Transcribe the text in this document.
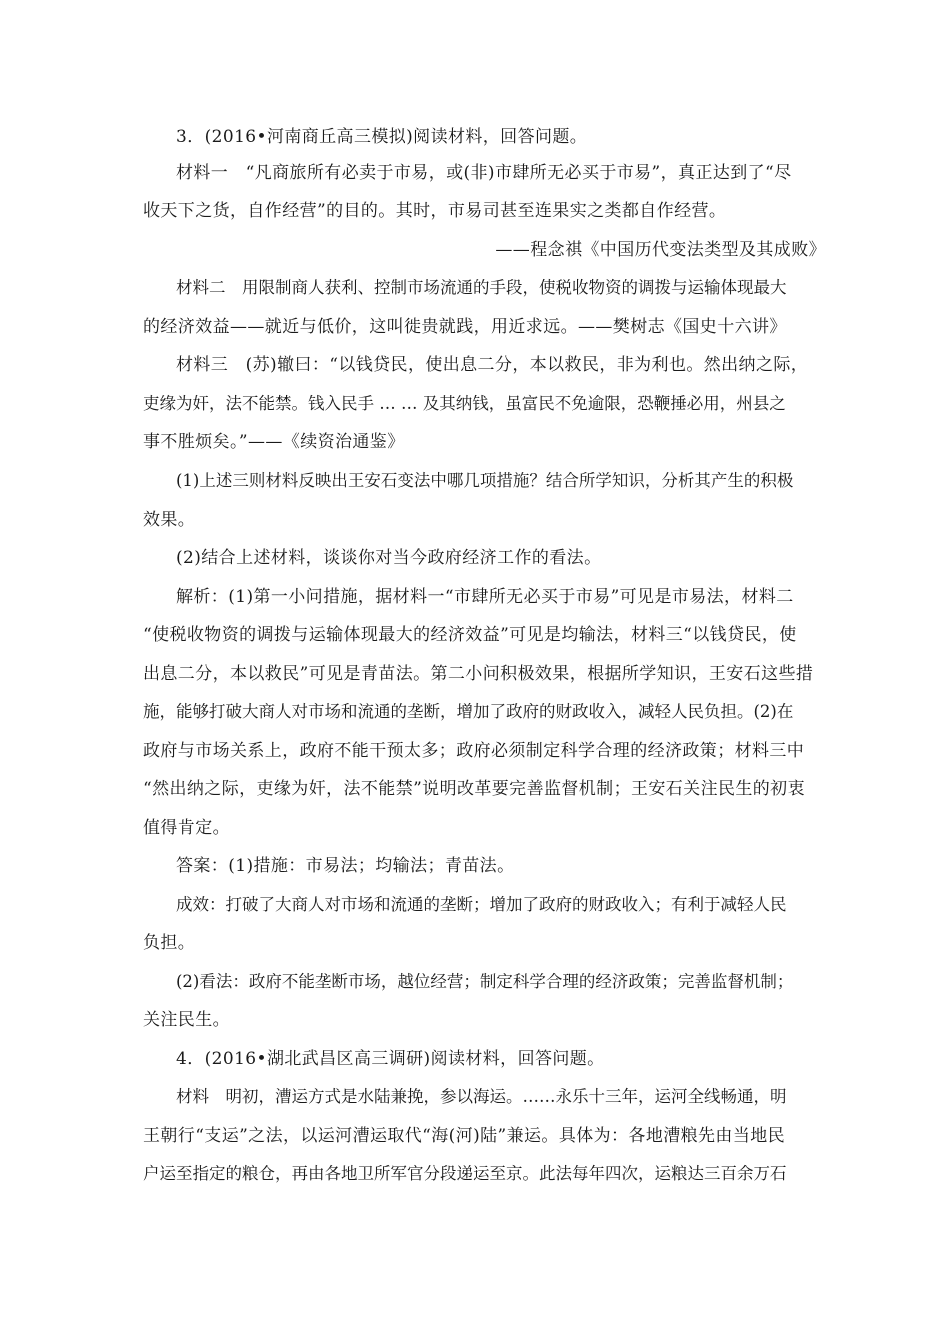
3．(2016•河南商丘高三模拟)阅读材料，回答问题。
材料一　“凡商旅所有必卖于市易，或(非)市肆所无必买于市易”，真正达到了“尽
收天下之货，自作经营”的目的。其时，市易司甚至连果实之类都自作经营。
——程念祺《中国历代变法类型及其成败》
材料二　用限制商人获利、控制市场流通的手段，使税收物资的调拨与运输体现最大
的经济效益——就近与低价，这叫徙贵就践，用近求远。——樊树志《国史十六讲》
材料三　(苏)辙曰：“以钱贷民，使出息二分，本以救民，非为利也。然出纳之际，
吏缘为奸，法不能禁。钱入民手 … … 及其纳钱，虽富民不免逾限，恐鞭捶必用，州县之
事不胜烦矣。”——《续资治通鉴》
(1)上述三则材料反映出王安石变法中哪几项措施？结合所学知识，分析其产生的积极
效果。
(2)结合上述材料，谈谈你对当今政府经济工作的看法。
解析：(1)第一小问措施，据材料一“市肆所无必买于市易”可见是市易法，材料二
“使税收物资的调拨与运输体现最大的经济效益”可见是均输法，材料三“以钱贷民，使
出息二分，本以救民”可见是青苗法。第二小问积极效果，根据所学知识，王安石这些措
施，能够打破大商人对市场和流通的垄断，增加了政府的财政收入，减轻人民负担。(2)在
政府与市场关系上，政府不能干预太多；政府必须制定科学合理的经济政策；材料三中
“然出纳之际，吏缘为奸，法不能禁”说明改革要完善监督机制；王安石关注民生的初衷
值得肯定。
答案：(1)措施：市易法；均输法；青苗法。
成效：打破了大商人对市场和流通的垄断；增加了政府的财政收入；有利于减轻人民
负担。
(2)看法：政府不能垄断市场，越位经营；制定科学合理的经济政策；完善监督机制；
关注民生。
4．(2016•湖北武昌区高三调研)阅读材料，回答问题。
材料　明初，漕运方式是水陆兼挽，参以海运。……永乐十三年，运河全线畅通，明
王朝行“支运”之法，以运河漕运取代“海(河)陆”兼运。具体为：各地漕粮先由当地民
户运至指定的粮仓，再由各地卫所军官分段递运至京。此法每年四次，运粮达三百余万石
